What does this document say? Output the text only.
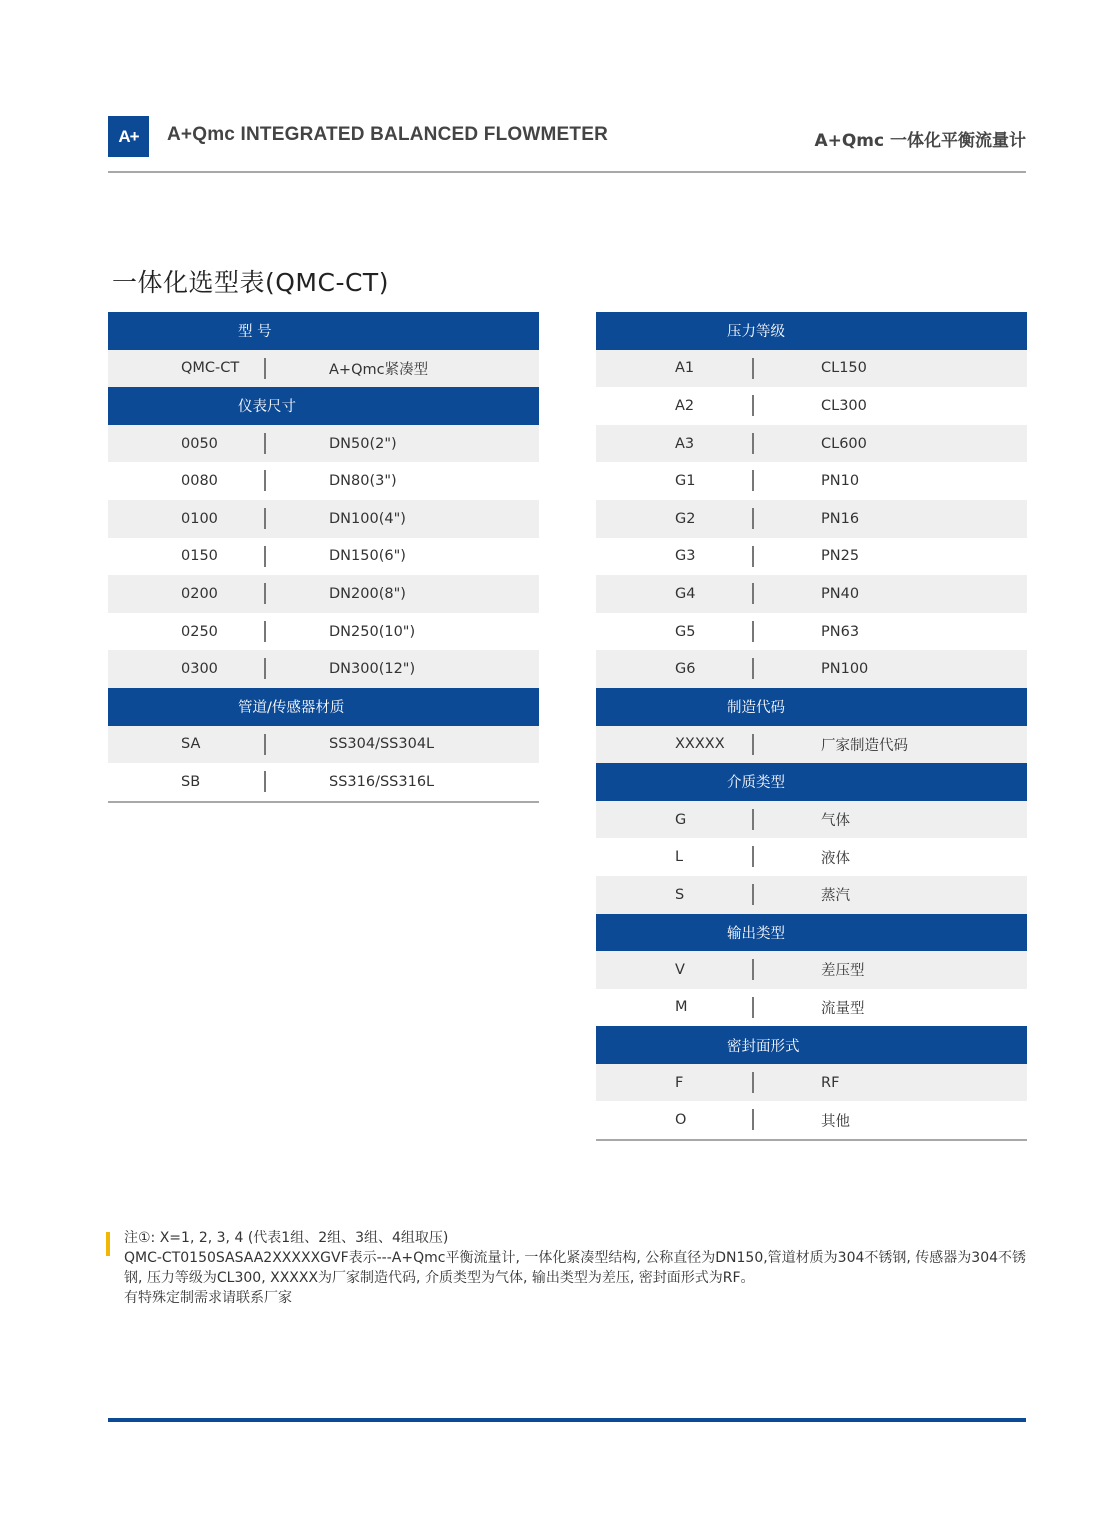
A+	A+Qmc INTEGRATED BALANCED FLOWMETER	A+Qmc 一体化平衡流量计
一体化选型表(QMC-CT)
型 号
QMC-CT	A+Qmc紧凑型
仪表尺寸
0050	DN50(2")
0080	DN80(3")
0100	DN100(4")
0150	DN150(6")
0200	DN200(8")
0250	DN250(10")
0300	DN300(12")
管道/传感器材质
SA	SS304/SS304L
SB	SS316/SS316L
压力等级
A1	CL150
A2	CL300
A3	CL600
G1	PN10
G2	PN16
G3	PN25
G4	PN40
G5	PN63
G6	PN100
制造代码
XXXXX	厂家制造代码
介质类型
G	气体
L	液体
S	蒸汽
输出类型
V	差压型
M	流量型
密封面形式
F	RF
O	其他
注①: X=1, 2, 3, 4 (代表1组、2组、3组、4组取压)
QMC-CT0150SASAA2XXXXXGVF表示---A+Qmc平衡流量计, 一体化紧凑型结构, 公称直径为DN150,管道材质为304不锈钢, 传感器为304不锈钢, 压力等级为CL300, XXXXX为厂家制造代码, 介质类型为气体, 输出类型为差压, 密封面形式为RF。
有特殊定制需求请联系厂家
